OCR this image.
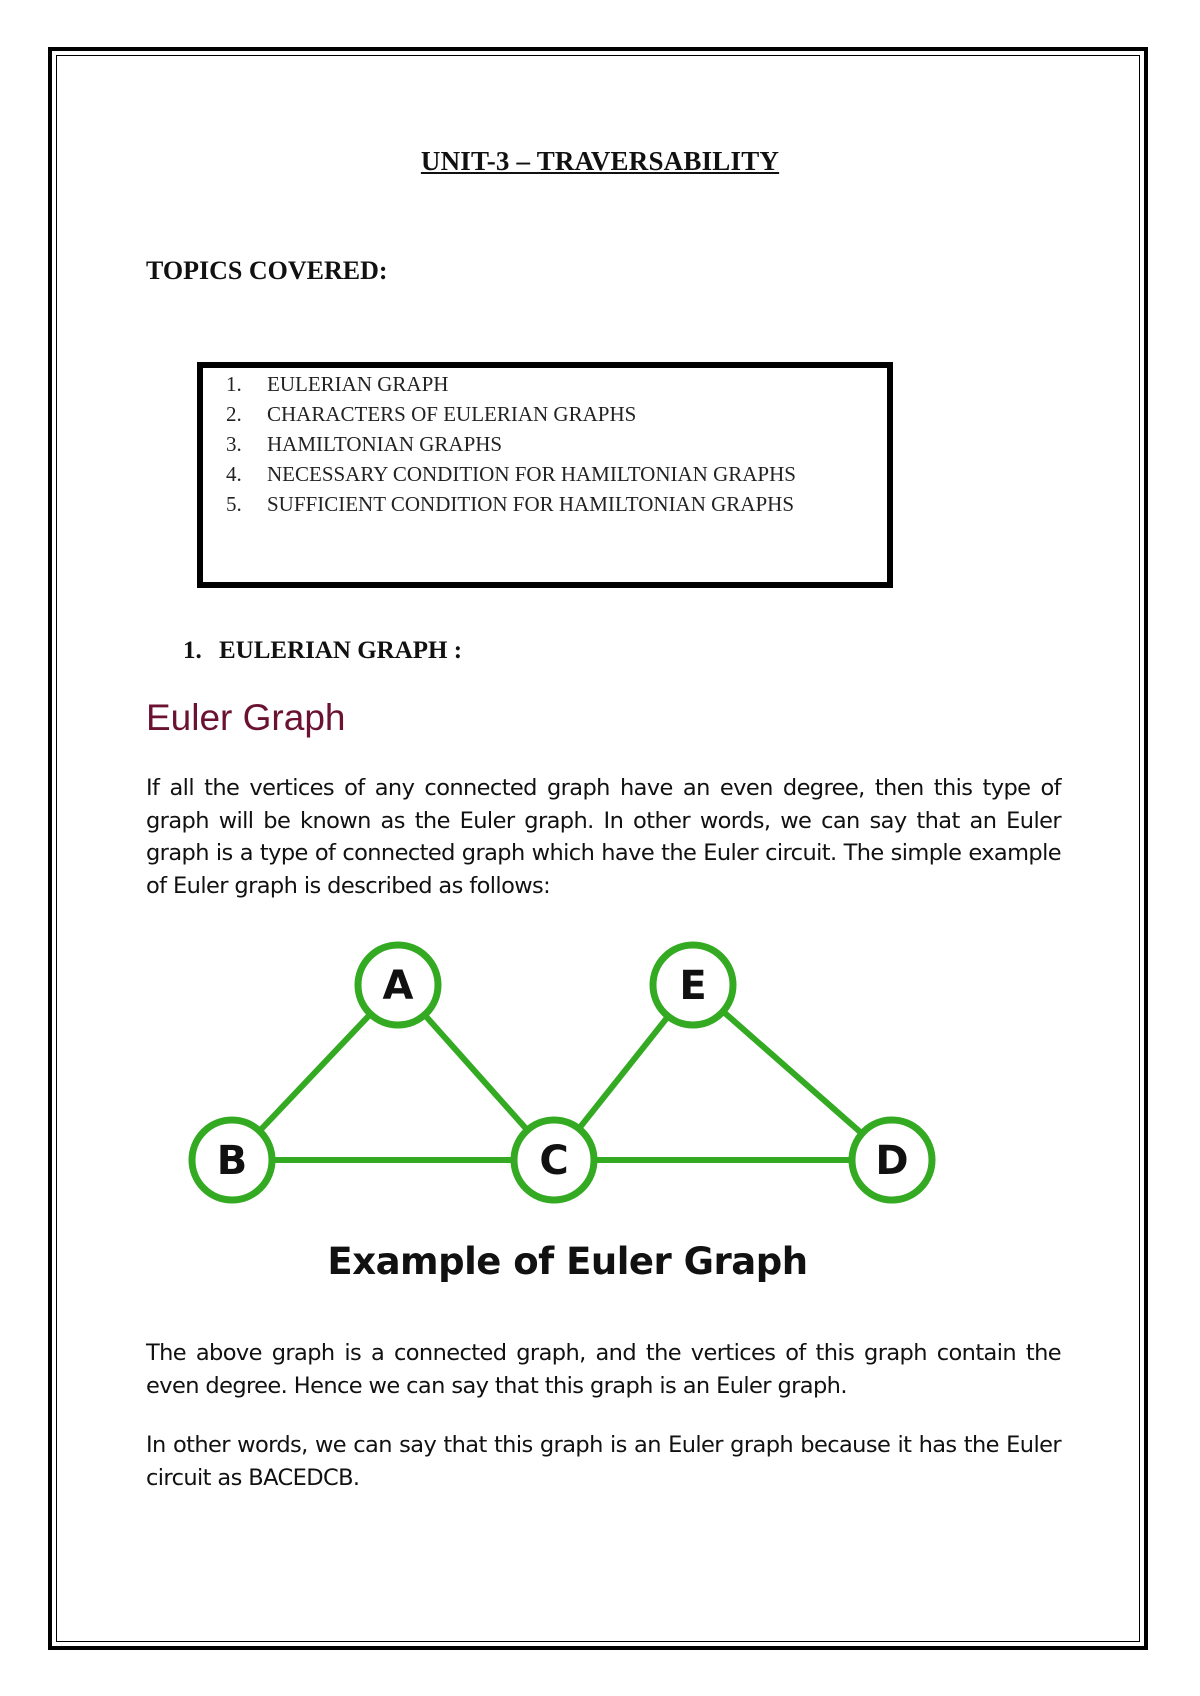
UNIT-3 – TRAVERSABILITY
TOPICS COVERED:
1. EULERIAN GRAPH
2. CHARACTERS OF EULERIAN GRAPHS
3. HAMILTONIAN GRAPHS
4. NECESSARY CONDITION FOR HAMILTONIAN GRAPHS
5. SUFFICIENT CONDITION FOR HAMILTONIAN GRAPHS
1. EULERIAN GRAPH :
Euler Graph
If all the vertices of any connected graph have an even degree, then this type of graph will be known as the Euler graph. In other words, we can say that an Euler graph is a type of connected graph which have the Euler circuit. The simple example of Euler graph is described as follows:
A	E
B	C	D
Example of Euler Graph
The above graph is a connected graph, and the vertices of this graph contain the even degree. Hence we can say that this graph is an Euler graph.
In other words, we can say that this graph is an Euler graph because it has the Euler circuit as BACEDCB.
